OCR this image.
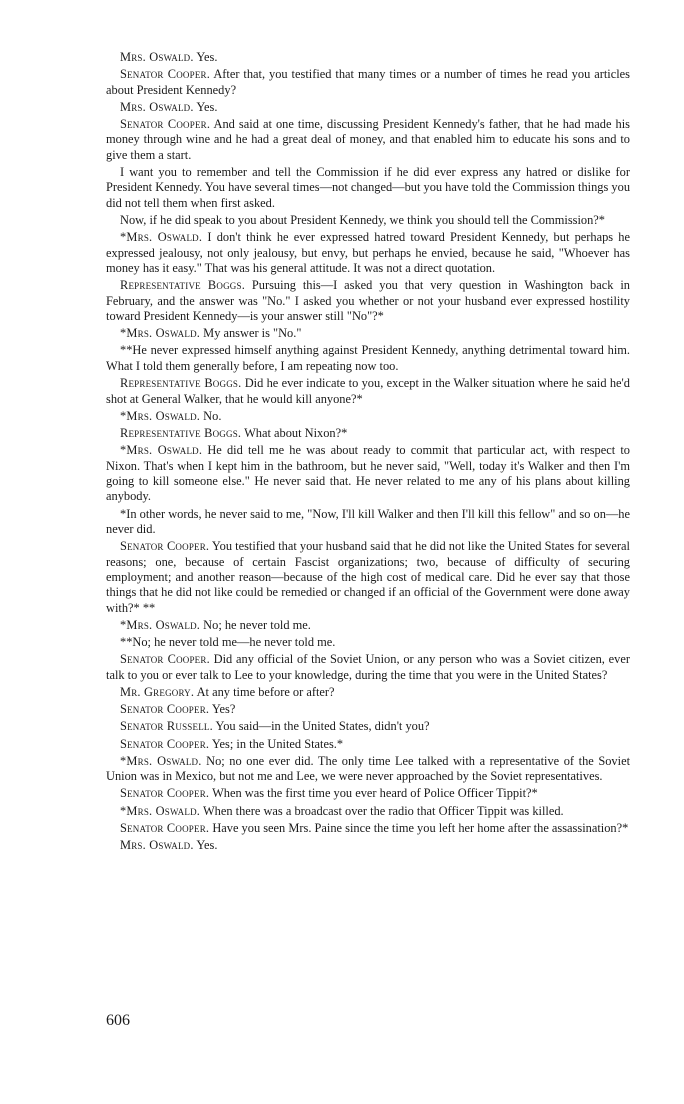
Mrs. Oswald. Yes.

Senator Cooper. After that, you testified that many times or a number of times he read you articles about President Kennedy?

Mrs. Oswald. Yes.

Senator Cooper. And said at one time, discussing President Kennedy's father, that he had made his money through wine and he had a great deal of money, and that enabled him to educate his sons and to give them a start.

I want you to remember and tell the Commission if he did ever express any hatred or dislike for President Kennedy. You have several times—not changed—but you have told the Commission things you did not tell them when first asked.

Now, if he did speak to you about President Kennedy, we think you should tell the Commission?*

*Mrs. Oswald. I don't think he ever expressed hatred toward President Kennedy, but perhaps he expressed jealousy, not only jealousy, but envy, but perhaps he envied, because he said, "Whoever has money has it easy." That was his general attitude. It was not a direct quotation.

Representative Boggs. Pursuing this—I asked you that very question in Washington back in February, and the answer was "No." I asked you whether or not your husband ever expressed hostility toward President Kennedy—is your answer still "No"?*

*Mrs. Oswald. My answer is "No."

**He never expressed himself anything against President Kennedy, anything detrimental toward him. What I told them generally before, I am repeating now too.

Representative Boggs. Did he ever indicate to you, except in the Walker situation where he said he'd shot at General Walker, that he would kill anyone?*

*Mrs. Oswald. No.

Representative Boggs. What about Nixon?*

*Mrs. Oswald. He did tell me he was about ready to commit that particular act, with respect to Nixon. That's when I kept him in the bathroom, but he never said, "Well, today it's Walker and then I'm going to kill someone else." He never said that. He never related to me any of his plans about killing anybody.

*In other words, he never said to me, "Now, I'll kill Walker and then I'll kill this fellow" and so on—he never did.

Senator Cooper. You testified that your husband said that he did not like the United States for several reasons; one, because of certain Fascist organizations; two, because of difficulty of securing employment; and another reason—because of the high cost of medical care. Did he ever say that those things that he did not like could be remedied or changed if an official of the Government were done away with?* **

*Mrs. Oswald. No; he never told me.

**No; he never told me—he never told me.

Senator Cooper. Did any official of the Soviet Union, or any person who was a Soviet citizen, ever talk to you or ever talk to Lee to your knowledge, during the time that you were in the United States?

Mr. Gregory. At any time before or after?

Senator Cooper. Yes?

Senator Russell. You said—in the United States, didn't you?

Senator Cooper. Yes; in the United States.*

*Mrs. Oswald. No; no one ever did. The only time Lee talked with a representative of the Soviet Union was in Mexico, but not me and Lee, we were never approached by the Soviet representatives.

Senator Cooper. When was the first time you ever heard of Police Officer Tippit?*

*Mrs. Oswald. When there was a broadcast over the radio that Officer Tippit was killed.

Senator Cooper. Have you seen Mrs. Paine since the time you left her home after the assassination?*

Mrs. Oswald. Yes.

606
